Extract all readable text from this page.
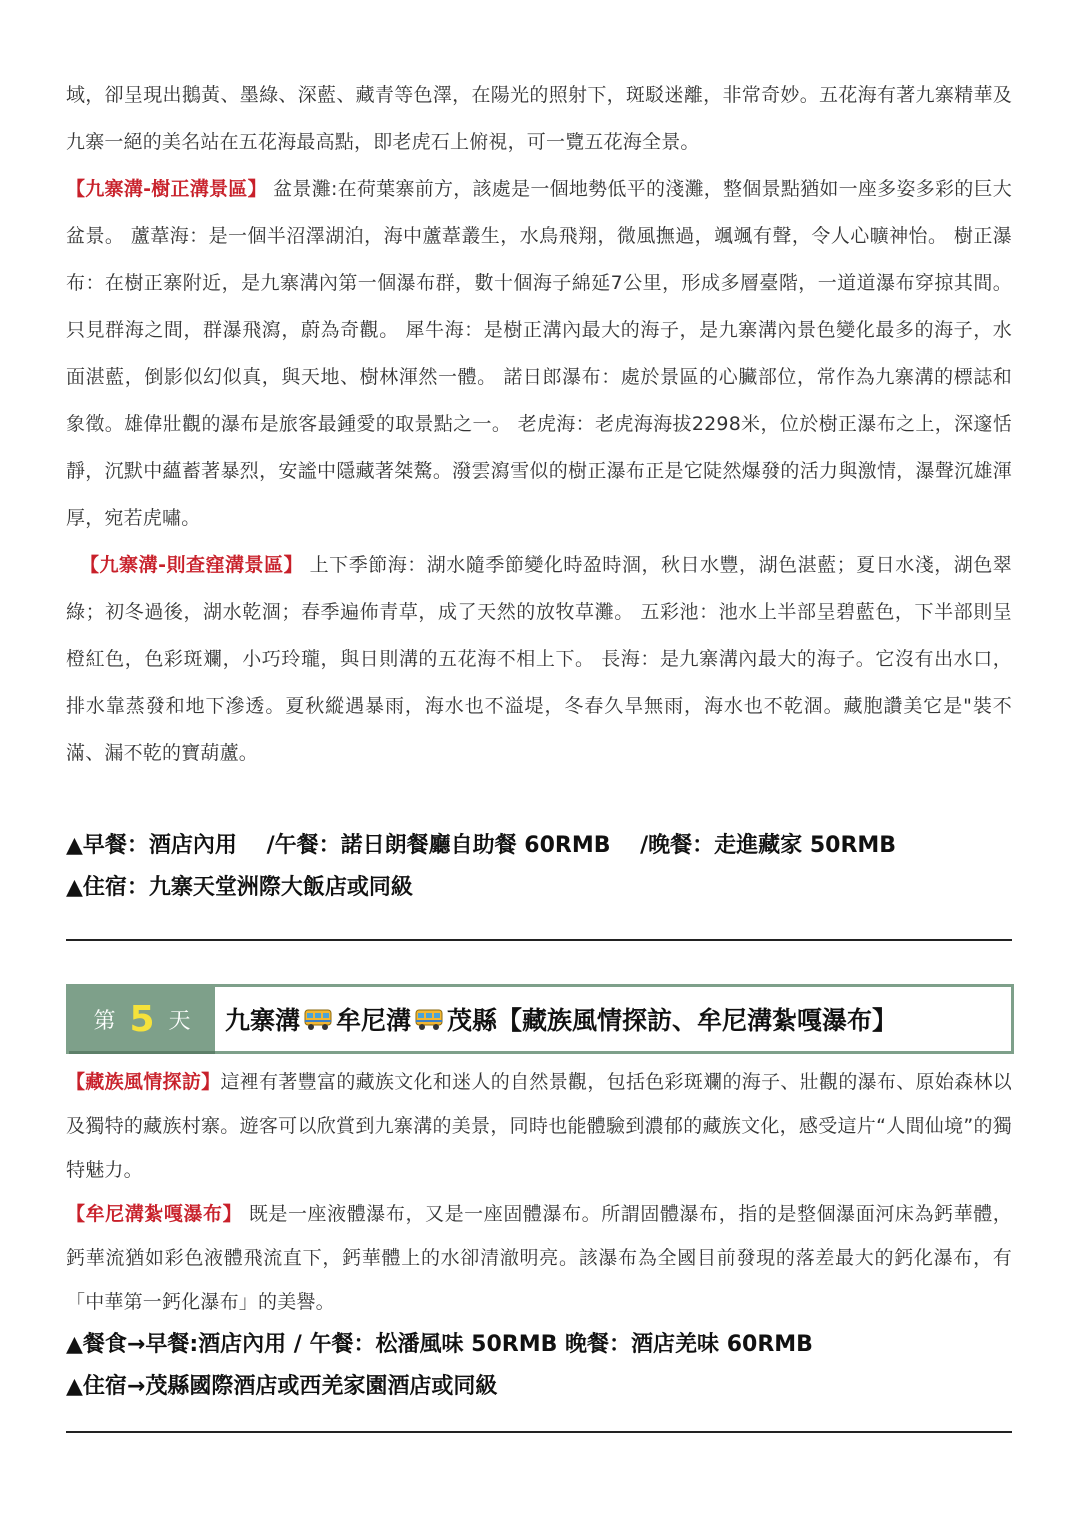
域，卻呈現出鵝黃、墨綠、深藍、藏青等色澤，在陽光的照射下，斑駁迷離，非常奇妙。五花海有著九寨精華及九寨一絕的美名站在五花海最高點，即老虎石上俯視，可一覽五花海全景。

【九寨溝-樹正溝景區】 盆景灘:在荷葉寨前方，該處是一個地勢低平的淺灘，整個景點猶如一座多姿多彩的巨大盆景。 蘆葦海：是一個半沼澤湖泊，海中蘆葦叢生，水鳥飛翔，微風撫過，颯颯有聲，令人心曠神怡。 樹正瀑布：在樹正寨附近，是九寨溝內第一個瀑布群，數十個海子綿延7公里，形成多層臺階，一道道瀑布穿掠其間。只見群海之間，群瀑飛瀉，蔚為奇觀。 犀牛海：是樹正溝內最大的海子，是九寨溝內景色變化最多的海子，水面湛藍，倒影似幻似真，與天地、樹林渾然一體。 諾日郎瀑布：處於景區的心臟部位，常作為九寨溝的標誌和象徵。雄偉壯觀的瀑布是旅客最鍾愛的取景點之一。 老虎海：老虎海海拔2298米，位於樹正瀑布之上，深邃恬靜，沉默中蘊蓄著暴烈，安謐中隱藏著桀驁。潑雲瀉雪似的樹正瀑布正是它陡然爆發的活力與激情，瀑聲沉雄渾厚，宛若虎嘯。

【九寨溝-則查窪溝景區】 上下季節海：湖水隨季節變化時盈時涸，秋日水豐，湖色湛藍；夏日水淺，湖色翠綠；初冬過後，湖水乾涸；春季遍佈青草，成了天然的放牧草灘。 五彩池：池水上半部呈碧藍色，下半部則呈橙紅色，色彩斑斕，小巧玲瓏，與日則溝的五花海不相上下。 長海：是九寨溝內最大的海子。它沒有出水口，排水靠蒸發和地下滲透。夏秋縱遇暴雨，海水也不溢堤，冬春久旱無雨，海水也不乾涸。藏胞讚美它是"裝不滿、漏不乾的寶葫蘆。

▲早餐：酒店內用　 /午餐：諾日朗餐廳自助餐 60RMB　 /晚餐：走進藏家 50RMB

▲住宿：九寨天堂洲際大飯店或同級

第 5 天 九寨溝 牟尼溝 茂縣【藏族風情探訪、牟尼溝紮嘎瀑布】

【藏族風情探訪】這裡有著豐富的藏族文化和迷人的自然景觀，包括色彩斑斕的海子、壯觀的瀑布、原始森林以及獨特的藏族村寨。遊客可以欣賞到九寨溝的美景，同時也能體驗到濃郁的藏族文化，感受這片“人間仙境”的獨特魅力。

【牟尼溝紮嘎瀑布】 既是一座液體瀑布，又是一座固體瀑布。所謂固體瀑布，指的是整個瀑面河床為鈣華體，鈣華流猶如彩色液體飛流直下，鈣華體上的水卻清澈明亮。該瀑布為全國目前發現的落差最大的鈣化瀑布，有「中華第一鈣化瀑布」的美譽。

▲餐食→早餐:酒店內用 / 午餐：松潘風味 50RMB 晚餐：酒店羌味 60RMB

▲住宿→茂縣國際酒店或西羌家園酒店或同級
